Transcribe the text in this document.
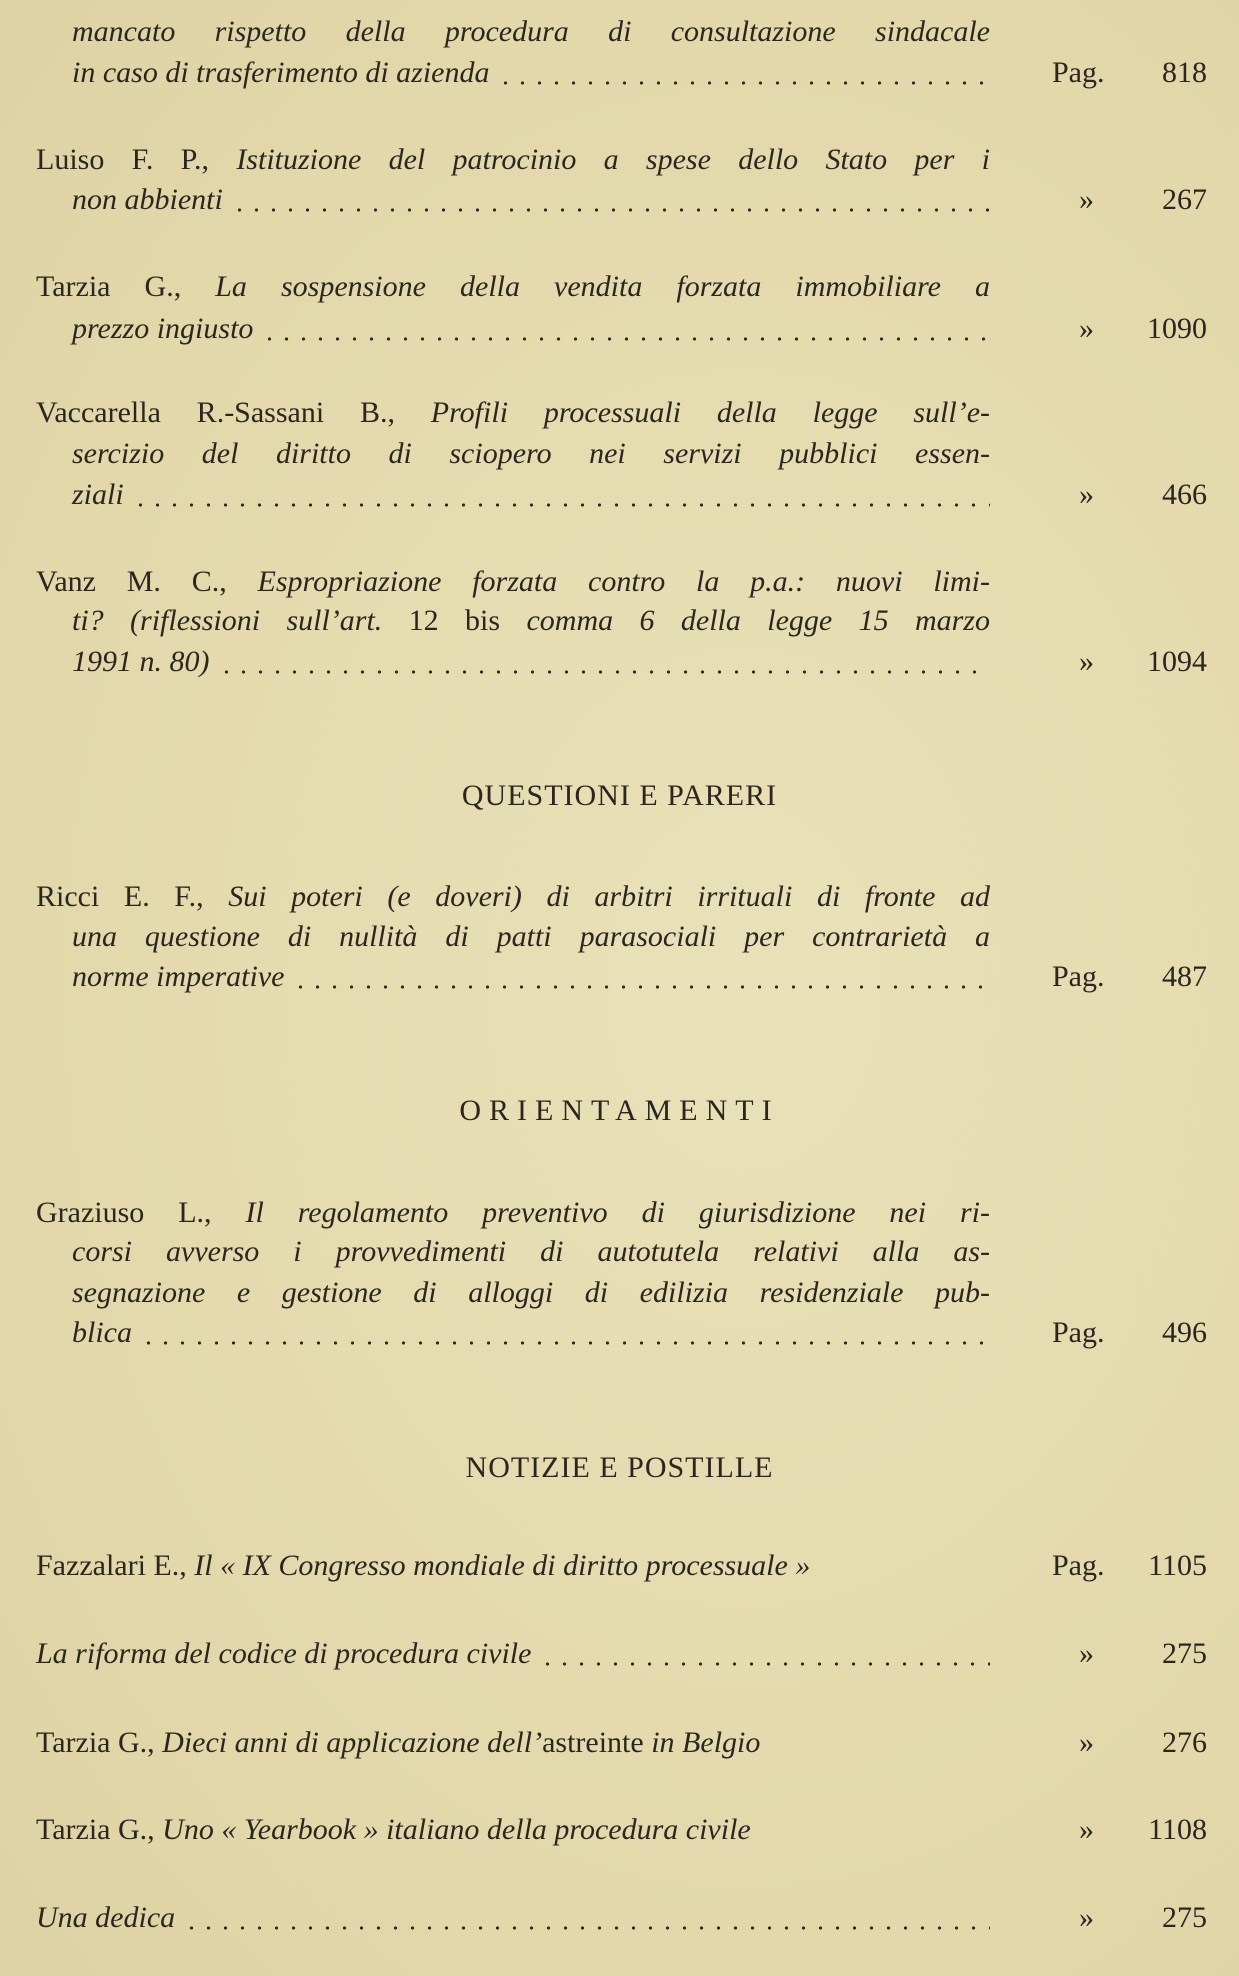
mancato rispetto della procedura di consultazione sindacale
in caso di trasferimento di azienda	Pag. 818
Luiso F. P., Istituzione del patrocinio a spese dello Stato per i
non abbienti	» 267
Tarzia G., La sospensione della vendita forzata immobiliare a
prezzo ingiusto	» 1090
Vaccarella R.-Sassani B., Profili processuali della legge sull’e-
sercizio del diritto di sciopero nei servizi pubblici essen-
ziali	» 466
Vanz M. C., Espropriazione forzata contro la p.a.: nuovi limi-
ti? (riflessioni sull’art. 12 bis comma 6 della legge 15 marzo
1991 n. 80)	» 1094
QUESTIONI E PARERI
Ricci E. F., Sui poteri (e doveri) di arbitri irrituali di fronte ad
una questione di nullità di patti parasociali per contrarietà a
norme imperative	Pag. 487
ORIENTAMENTI
Graziuso L., Il regolamento preventivo di giurisdizione nei ri-
corsi avverso i provvedimenti di autotutela relativi alla as-
segnazione e gestione di alloggi di edilizia residenziale pub-
blica	Pag. 496
NOTIZIE E POSTILLE
Fazzalari E., Il « IX Congresso mondiale di diritto processuale »	Pag. 1105
La riforma del codice di procedura civile	» 275
Tarzia G., Dieci anni di applicazione dell’astreinte in Belgio	» 276
Tarzia G., Uno « Yearbook » italiano della procedura civile	» 1108
Una dedica	» 275
